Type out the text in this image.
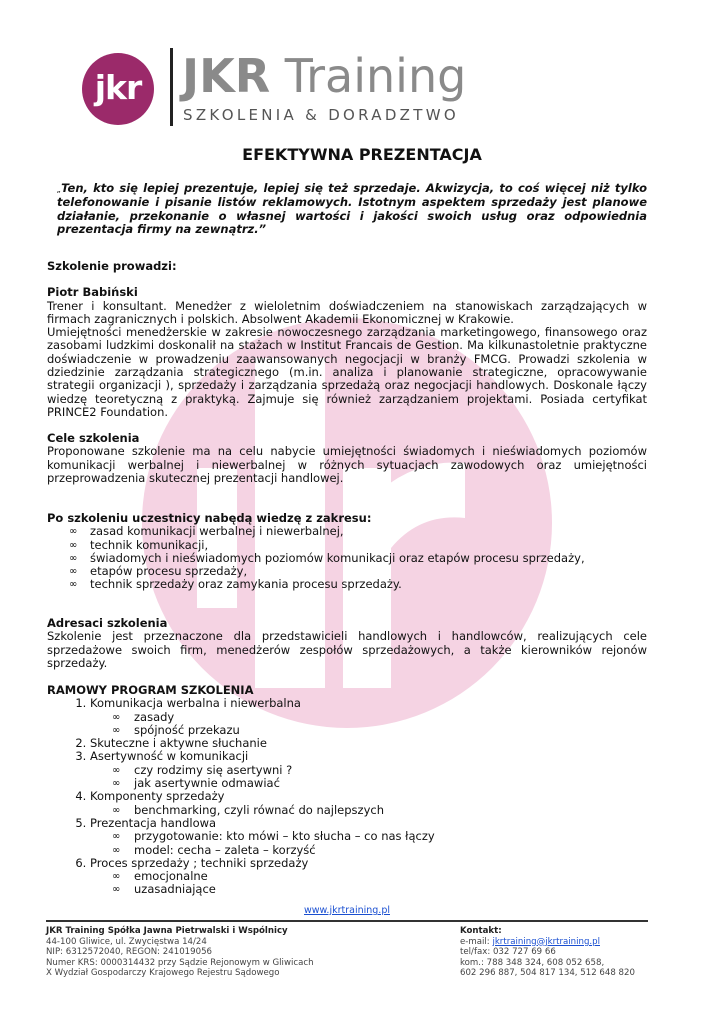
jkr JKR Training
SZKOLENIA & DORADZTWO
EFEKTYWNA PREZENTACJA
„Ten, kto się lepiej prezentuje, lepiej się też sprzedaje. Akwizycja, to coś więcej niż tylko telefonowanie i pisanie listów reklamowych. Istotnym aspektem sprzedaży jest planowe działanie, przekonanie o własnej wartości i jakości swoich usług oraz odpowiednia prezentacja firmy na zewnątrz.”

Szkolenie prowadzi:

Piotr Babiński

Trener i konsultant. Menedżer z wieloletnim doświadczeniem na stanowiskach zarządzających w firmach zagranicznych i polskich. Absolwent Akademii Ekonomicznej w Krakowie.

Umiejętności menedżerskie w zakresie nowoczesnego zarządzania marketingowego, finansowego oraz zasobami ludzkimi doskonalił na stażach w Institut Francais de Gestion. Ma kilkunastoletnie praktyczne doświadczenie w prowadzeniu zaawansowanych negocjacji w branży FMCG. Prowadzi szkolenia w dziedzinie zarządzania strategicznego (m.in. analiza i planowanie strategiczne, opracowywanie strategii organizacji ), sprzedaży i zarządzania sprzedażą oraz negocjacji handlowych. Doskonale łączy wiedzę teoretyczną z praktyką. Zajmuje się również zarządzaniem projektami. Posiada certyfikat PRINCE2 Foundation.

Cele szkolenia

Proponowane szkolenie ma na celu nabycie umiejętności świadomych i nieświadomych poziomów komunikacji werbalnej i niewerbalnej w różnych sytuacjach zawodowych oraz umiejętności przeprowadzenia skutecznej prezentacji handlowej.

Po szkoleniu uczestnicy nabędą wiedzę z zakresu:

∞ zasad komunikacji werbalnej i niewerbalnej,
∞ technik komunikacji,
∞ świadomych i nieświadomych poziomów komunikacji oraz etapów procesu sprzedaży,
∞ etapów procesu sprzedaży,
∞ technik sprzedaży oraz zamykania procesu sprzedaży.

Adresaci szkolenia

Szkolenie jest przeznaczone dla przedstawicieli handlowych i handlowców, realizujących cele sprzedażowe swoich firm, menedżerów zespołów sprzedażowych, a także kierowników rejonów sprzedaży.

RAMOWY PROGRAM SZKOLENIA

1. Komunikacja werbalna i niewerbalna
∞ zasady
∞ spójność przekazu
2. Skuteczne i aktywne słuchanie
3. Asertywność w komunikacji
∞ czy rodzimy się asertywni ?
∞ jak asertywnie odmawiać
4. Komponenty sprzedaży
∞ benchmarking, czyli równać do najlepszych
5. Prezentacja handlowa
∞ przygotowanie: kto mówi – kto słucha – co nas łączy
∞ model: cecha – zaleta – korzyść
6. Proces sprzedaży ; techniki sprzedaży
∞ emocjonalne
∞ uzasadniające
www.jkrtraining.pl
JKR Training Spółka Jawna Pietrwalski i Wspólnicy
44-100 Gliwice, ul. Zwycięstwa 14/24
NIP: 6312572040, REGON: 241019056
Numer KRS: 0000314432 przy Sądzie Rejonowym w Gliwicach
X Wydział Gospodarczy Krajowego Rejestru Sądowego
Kontakt:
e-mail: jkrtraining@jkrtraining.pl
tel/fax: 032 727 69 66
kom.: 788 348 324, 608 052 658,
602 296 887, 504 817 134, 512 648 820
